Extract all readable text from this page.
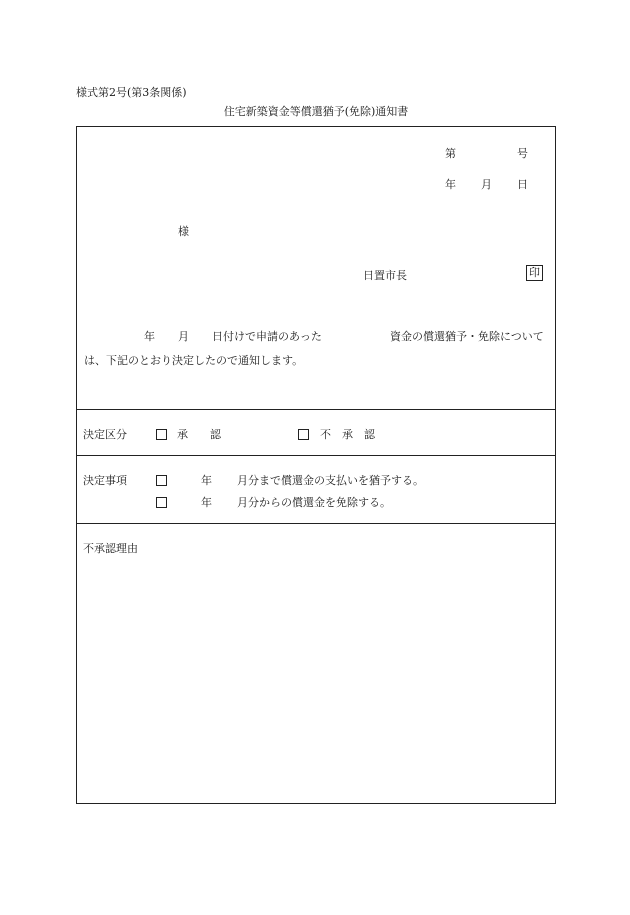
様式第2号(第3条関係)
住宅新築資金等償還猶予(免除)通知書
第	号
年 月 日
様
日置市長	印
年 月 日付けで申請のあった	資金の償還猶予・免除について
は、下記のとおり決定したので通知します。
決定区分	承　　認	不　承　認
決定事項	年 月分まで償還金の支払いを猶予する。
年 月分からの償還金を免除する。
不承認理由
